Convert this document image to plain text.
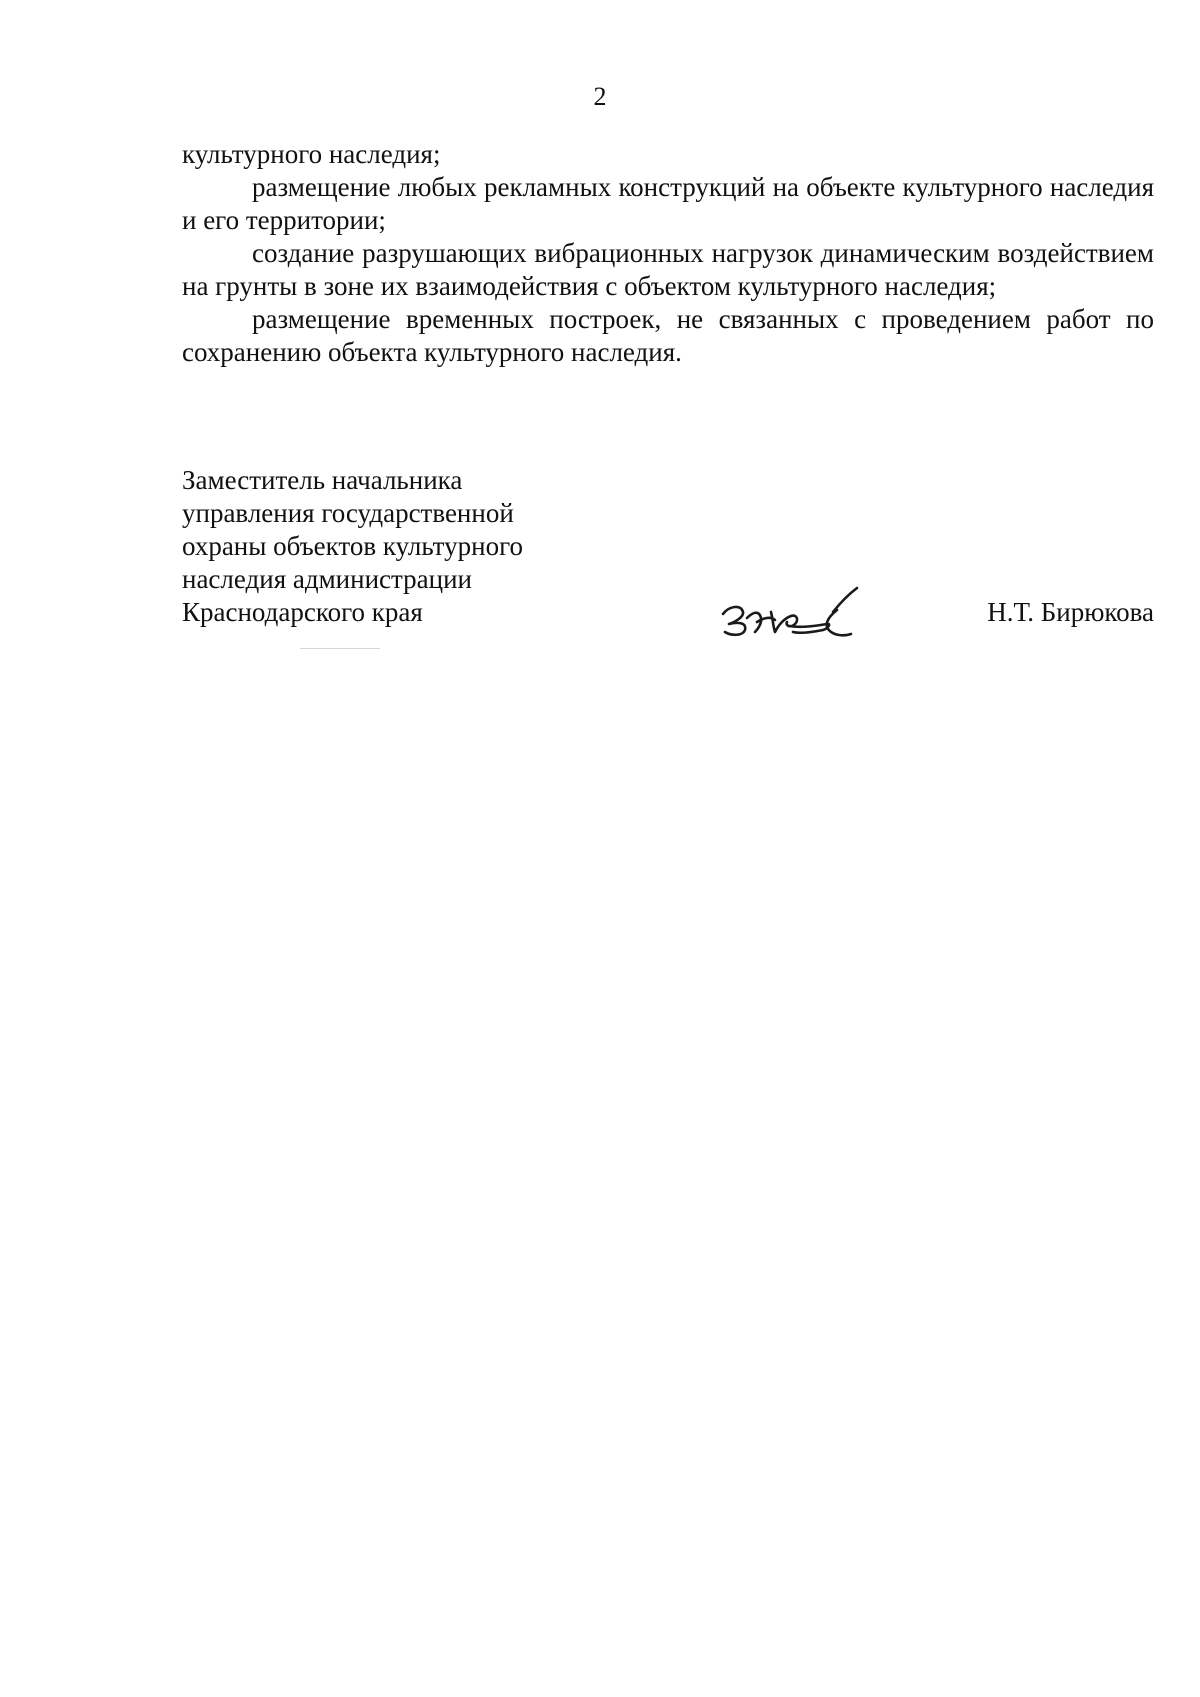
2

культурного наследия;

размещение любых рекламных конструкций на объекте культурного наследия и его территории;

создание разрушающих вибрационных нагрузок динамическим воздействием на грунты в зоне их взаимодействия с объектом культурного наследия;

размещение временных построек, не связанных с проведением работ по сохранению объекта культурного наследия.

Заместитель начальника
управления государственной
охраны объектов культурного
наследия администрации
Краснодарского края	Н.Т. Бирюкова
